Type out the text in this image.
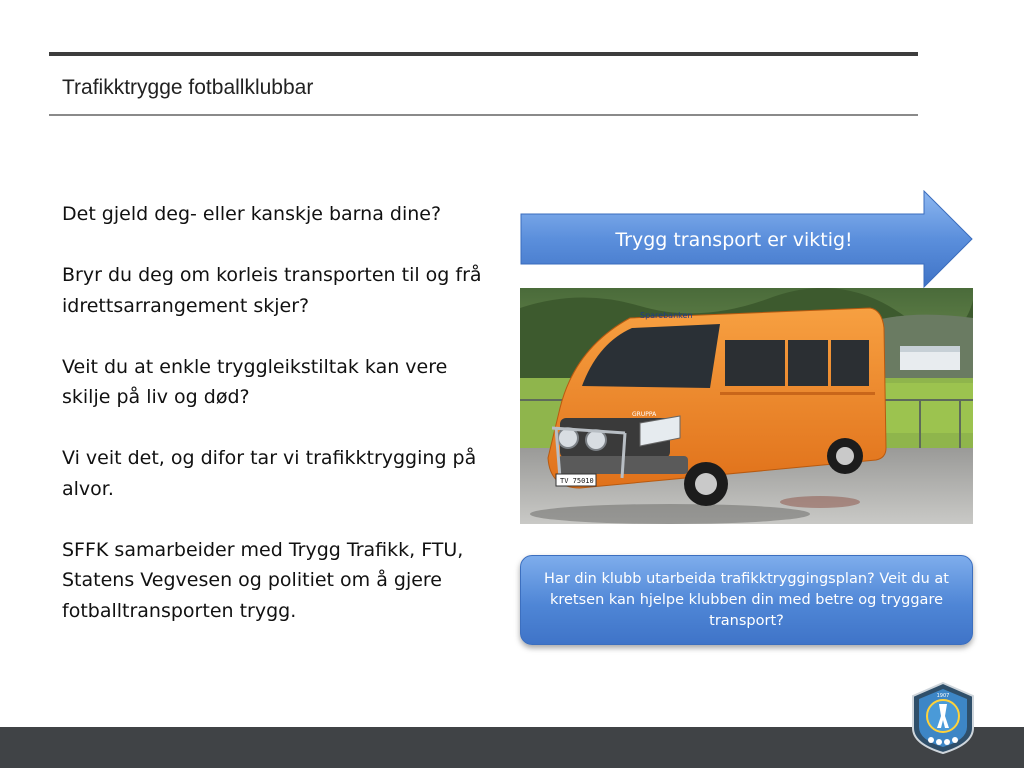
Trafikktrygge fotballklubbar

Det gjeld deg- eller kanskje barna dine?

Bryr du deg om korleis transporten til og frå idrettsarrangement skjer?

Veit du at enkle tryggleikstiltak kan vere skilje på liv og død?

Vi veit det, og difor tar vi trafikktrygging på alvor.

SFFK samarbeider med Trygg Trafikk, FTU, Statens Vegvesen og politiet om å gjere fotballtransporten trygg.

Trygg transport er viktig!
Sparebanken
GRUPPA
TV 75010
Har din klubb utarbeida trafikktryggingsplan? Veit du at kretsen kan hjelpe klubben din med betre og tryggare transport?
1907
